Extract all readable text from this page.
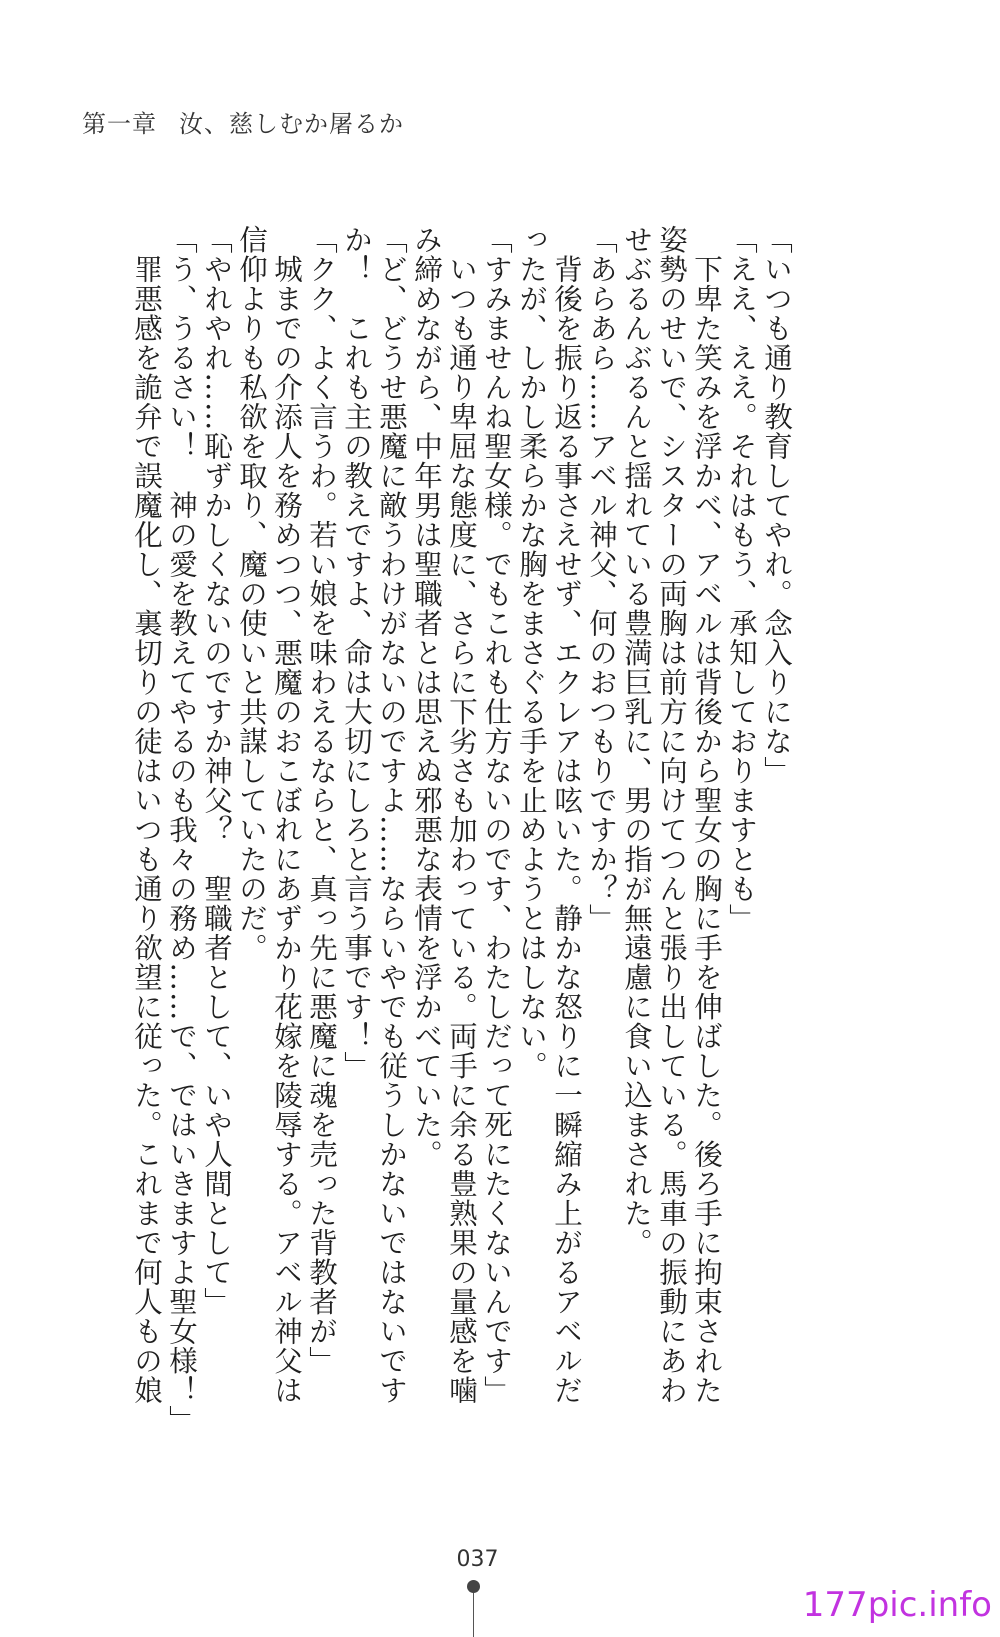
第一章 汝、慈しむか屠るか
「いつも通り教育してやれ。念入りにな」
「ええ、ええ。それはもう、承知しておりますとも」
　下卑た笑みを浮かべ、アベルは背後から聖女の胸に手を伸ばした。後ろ手に拘束された
姿勢のせいで、シスターの両胸は前方に向けてつんと張り出している。馬車の振動にあわ
せぶるんぶるんと揺れている豊満巨乳に、男の指が無遠慮に食い込まされた。
「あらあら……アベル神父、何のおつもりですか？」
　背後を振り返る事さえせず、エクレアは呟いた。静かな怒りに一瞬縮み上がるアベルだ
ったが、しかし柔らかな胸をまさぐる手を止めようとはしない。
「すみませんね聖女様。でもこれも仕方ないのです、わたしだって死にたくないんです」
　いつも通り卑屈な態度に、さらに下劣さも加わっている。両手に余る豊熟果の量感を噛
み締めながら、中年男は聖職者とは思えぬ邪悪な表情を浮かべていた。
「ど、どうせ悪魔に敵うわけがないのですよ……ならいやでも従うしかないではないです
か！　これも主の教えですよ、命は大切にしろと言う事です！」
「クク、よく言うわ。若い娘を味わえるならと、真っ先に悪魔に魂を売った背教者が」
　城までの介添人を務めつつ、悪魔のおこぼれにあずかり花嫁を陵辱する。アベル神父は
信仰よりも私欲を取り、魔の使いと共謀していたのだ。
「やれやれ……恥ずかしくないのですか神父？　聖職者として、いや人間として」
「う、うるさい！　神の愛を教えてやるのも我々の務め……で、ではいきますよ聖女様！」
　罪悪感を詭弁で誤魔化し、裏切りの徒はいつも通り欲望に従った。これまで何人もの娘
037
177pic.info
